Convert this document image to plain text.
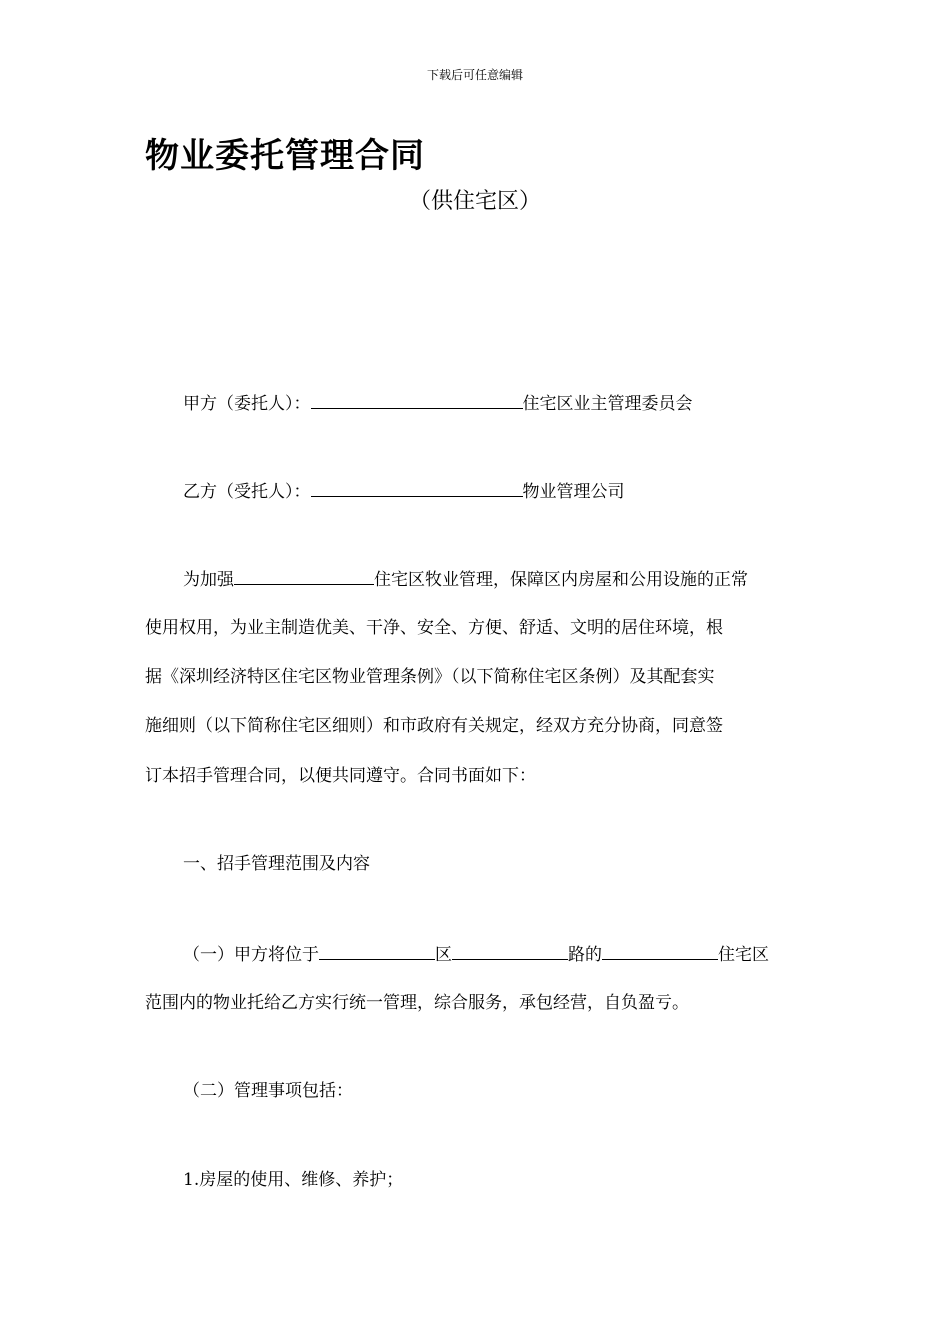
下载后可任意编辑
物业委托管理合同
（供住宅区）
甲方（委托人）：	住宅区业主管理委员会
乙方（受托人）：	物业管理公司
为加强	住宅区牧业管理，保障区内房屋和公用设施的正常
使用权用，为业主制造优美、干净、安全、方便、舒适、文明的居住环境，根
据《深圳经济特区住宅区物业管理条例》（以下简称住宅区条例）及其配套实
施细则（以下简称住宅区细则）和市政府有关规定，经双方充分协商，同意签
订本招手管理合同，以便共同遵守。合同书面如下：
一、招手管理范围及内容
（一）甲方将位于	区	路的	住宅区
范围内的物业托给乙方实行统一管理，综合服务，承包经营，自负盈亏。
（二）管理事项包括：
1.房屋的使用、维修、养护；
